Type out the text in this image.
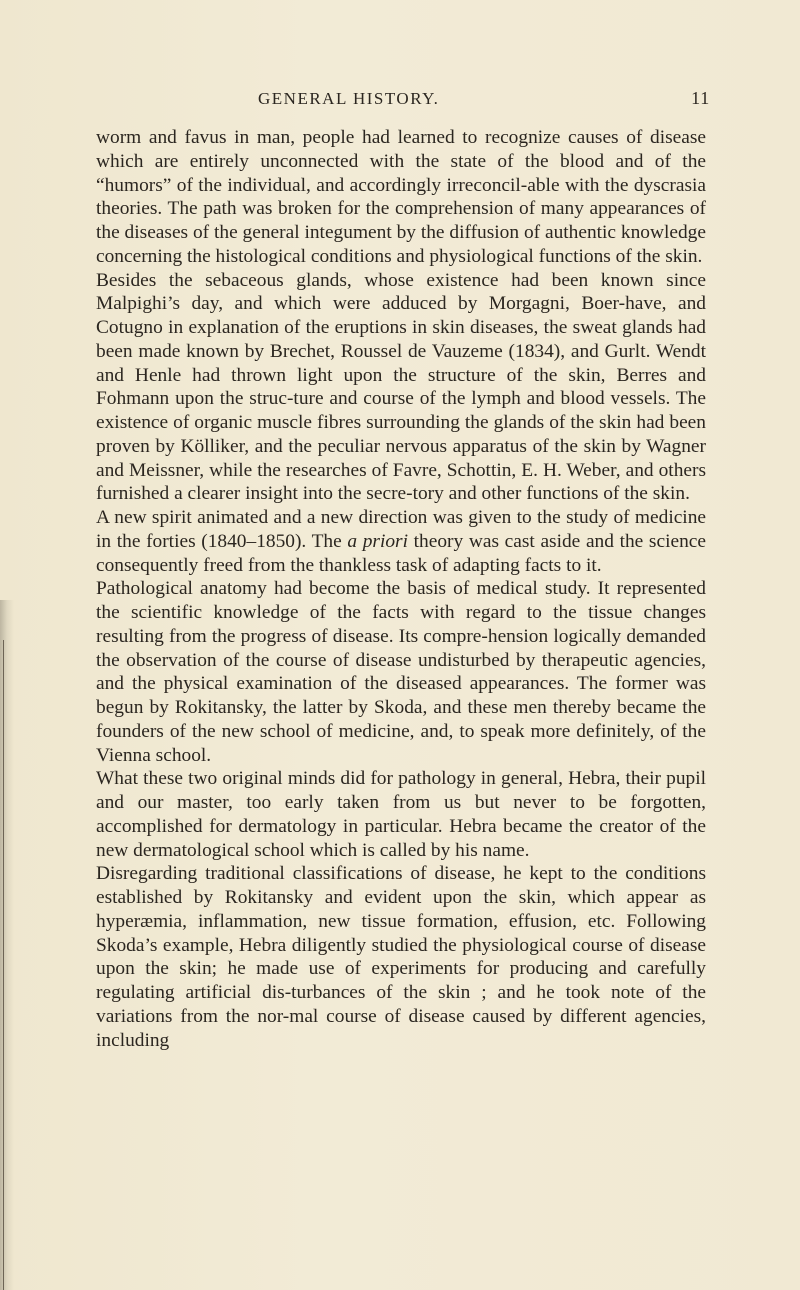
GENERAL HISTORY.	11

worm and favus in man, people had learned to recognize causes of disease which are entirely unconnected with the state of the blood and of the “humors” of the individual, and accordingly irreconcil-able with the dyscrasia theories. The path was broken for the comprehension of many appearances of the diseases of the general integument by the diffusion of authentic knowledge concerning the histological conditions and physiological functions of the skin.

Besides the sebaceous glands, whose existence had been known since Malpighi’s day, and which were adduced by Morgagni, Boer-have, and Cotugno in explanation of the eruptions in skin diseases, the sweat glands had been made known by Brechet, Roussel de Vauzeme (1834), and Gurlt. Wendt and Henle had thrown light upon the structure of the skin, Berres and Fohmann upon the struc-ture and course of the lymph and blood vessels. The existence of organic muscle fibres surrounding the glands of the skin had been proven by Kölliker, and the peculiar nervous apparatus of the skin by Wagner and Meissner, while the researches of Favre, Schottin, E. H. Weber, and others furnished a clearer insight into the secre-tory and other functions of the skin.

A new spirit animated and a new direction was given to the study of medicine in the forties (1840–1850). The a priori theory was cast aside and the science consequently freed from the thankless task of adapting facts to it.

Pathological anatomy had become the basis of medical study. It represented the scientific knowledge of the facts with regard to the tissue changes resulting from the progress of disease. Its compre-hension logically demanded the observation of the course of disease undisturbed by therapeutic agencies, and the physical examination of the diseased appearances. The former was begun by Rokitansky, the latter by Skoda, and these men thereby became the founders of the new school of medicine, and, to speak more definitely, of the Vienna school.

What these two original minds did for pathology in general, Hebra, their pupil and our master, too early taken from us but never to be forgotten, accomplished for dermatology in particular. Hebra became the creator of the new dermatological school which is called by his name.

Disregarding traditional classifications of disease, he kept to the conditions established by Rokitansky and evident upon the skin, which appear as hyperæmia, inflammation, new tissue formation, effusion, etc. Following Skoda’s example, Hebra diligently studied the physiological course of disease upon the skin; he made use of experiments for producing and carefully regulating artificial dis-turbances of the skin ; and he took note of the variations from the nor-mal course of disease caused by different agencies, including
